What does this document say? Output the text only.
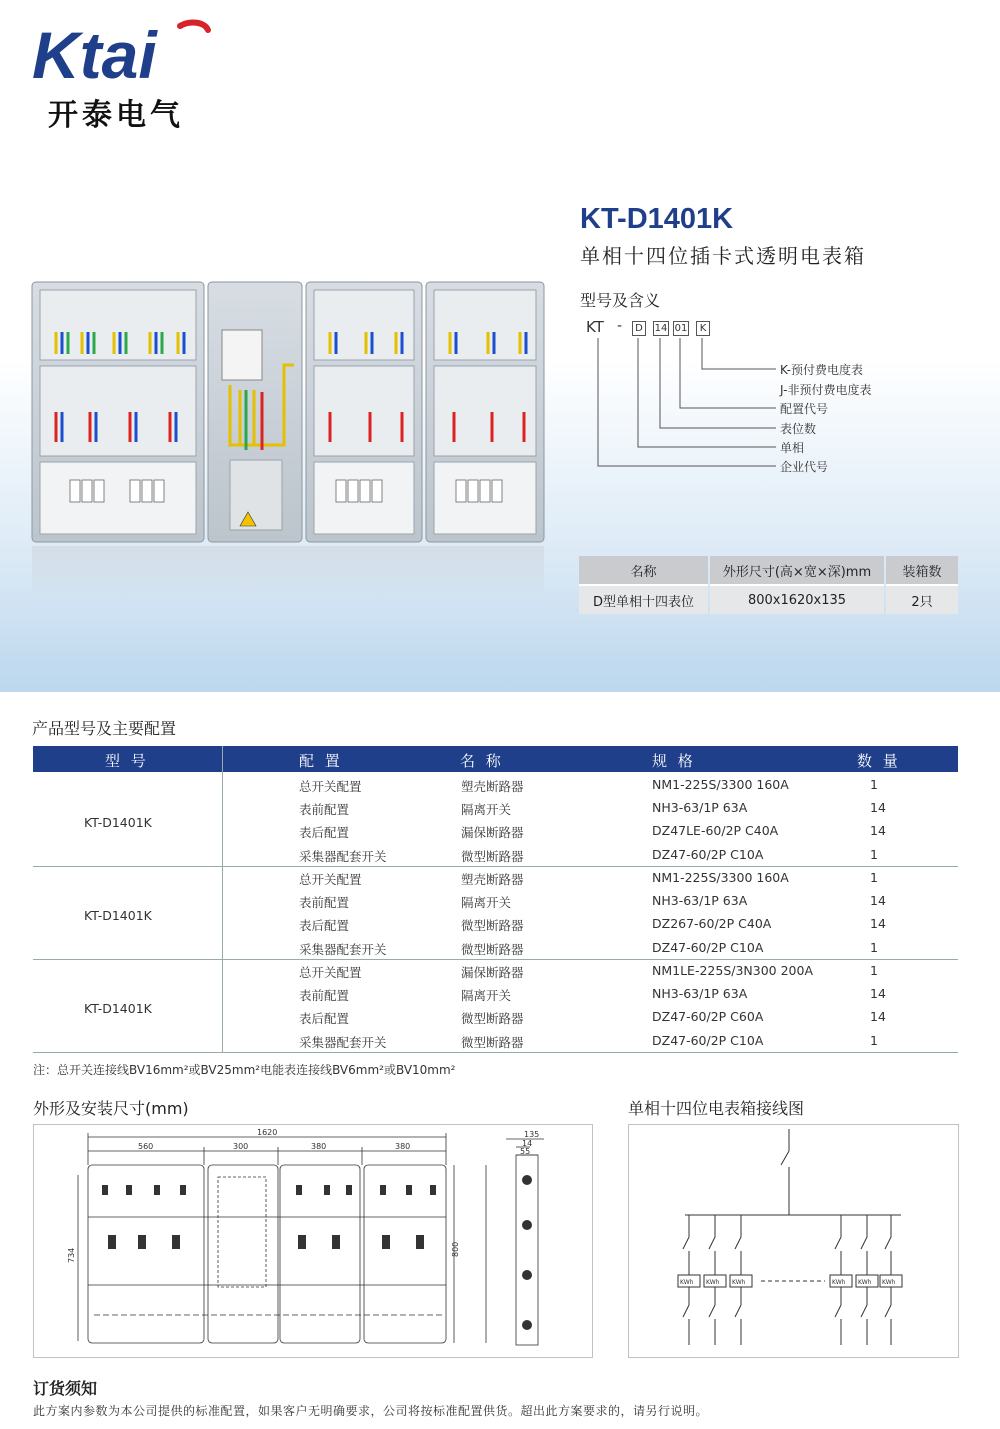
Ktai
开泰电气
KT-D1401K
单相十四位插卡式透明电表箱
型号及含义
KT -	D	14 01	K
K-预付费电度表
J-非预付费电度表
配置代号
表位数
单相
企业代号
名称	外形尺寸(高×宽×深)mm	装箱数
D型单相十四表位	800x1620x135	2只
产品型号及主要配置
型 号	配 置	名 称	规 格	数 量
KT-D1401K
总开关配置	塑壳断路器	NM1-225S/3300 160A	1
表前配置	隔离开关	NH3-63/1P 63A	14
表后配置	漏保断路器	DZ47LE-60/2P C40A	14
采集器配套开关	微型断路器	DZ47-60/2P C10A	1
KT-D1401K
总开关配置	塑壳断路器	NM1-225S/3300 160A	1
表前配置	隔离开关	NH3-63/1P 63A	14
表后配置	微型断路器	DZ267-60/2P C40A	14
采集器配套开关	微型断路器	DZ47-60/2P C10A	1
KT-D1401K
总开关配置	漏保断路器	NM1LE-225S/3N300 200A	1
表前配置	隔离开关	NH3-63/1P 63A	14
表后配置	微型断路器	DZ47-60/2P C60A	14
采集器配套开关	微型断路器	DZ47-60/2P C10A	1
注：总开关连接线BV16mm²或BV25mm²电能表连接线BV6mm²或BV10mm²
外形及安装尺寸(mm)
1620
560	300	380	380
734	800
135
14
55
单相十四位电表箱接线图
KWh KWh KWh	KWh KWh KWh
订货须知
此方案内参数为本公司提供的标准配置，如果客户无明确要求，公司将按标准配置供货。超出此方案要求的，请另行说明。
